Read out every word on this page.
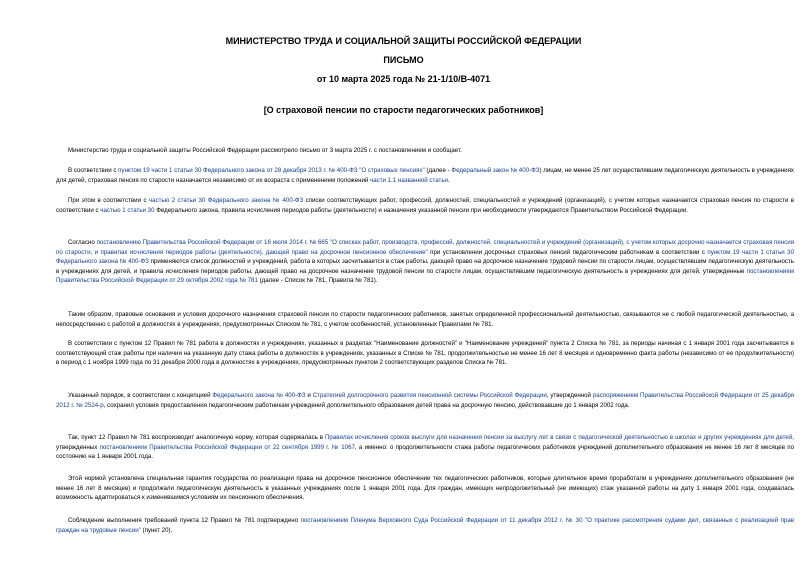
МИНИСТЕРСТВО ТРУДА И СОЦИАЛЬНОЙ ЗАЩИТЫ РОССИЙСКОЙ ФЕДЕРАЦИИ
ПИСЬМО
от 10 марта 2025 года № 21-1/10/В-4071
[О страховой пенсии по старости педагогических работников]

Министерство труда и социальной защиты Российской Федерации рассмотрело письмо от 3 марта 2025 г. с постановлением и сообщает.

В соответствии с пунктом 19 части 1 статьи 30 Федерального закона от 28 декабря 2013 г. № 400-ФЗ "О страховых пенсиях" (далее - Федеральный закон № 400-ФЗ) лицам, не менее 25 лет осуществлявшим педагогическую деятельность в учреждениях для детей, страховая пенсия по старости назначается независимо от их возраста с применением положений части 1.1 названной статьи.

При этом в соответствии с частью 2 статьи 30 Федерального закона № 400-ФЗ списки соответствующих работ, профессий, должностей, специальностей и учреждений (организаций), с учетом которых назначается страховая пенсия по старости в соответствии с частью 1 статьи 30 Федерального закона, правила исчисления периодов работы (деятельности) и назначения указанной пенсии при необходимости утверждаются Правительством Российской Федерации.

Согласно постановлению Правительства Российской Федерации от 16 июля 2014 г. № 665 "О списках работ, производств, профессий, должностей, специальностей и учреждений (организаций), с учетом которых досрочно назначается страховая пенсия по старости, и правилах исчисления периодов работы (деятельности), дающей право на досрочное пенсионное обеспечение" при установлении досрочных страховых пенсий педагогическим работникам в соответствии с пунктом 19 части 1 статьи 30 Федерального закона № 400-ФЗ применяются список должностей и учреждений, работа в которых засчитывается в стаж работы, дающей право на досрочное назначение трудовой пенсии по старости лицам, осуществлявшим педагогическую деятельность в учреждениях для детей, и правила исчисления периодов работы, дающей право на досрочное назначение трудовой пенсии по старости лицам, осуществлявшим педагогическую деятельность в учреждениях для детей, утвержденные постановлением Правительства Российской Федерации от 29 октября 2002 года № 781 (далее - Список № 781, Правила № 781).

Таким образом, правовые основания и условия досрочного назначения страховой пенсии по старости педагогических работников, занятых определенной профессиональной деятельностью, связываются не с любой педагогической деятельностью, а непосредственно с работой в должностях в учреждениях, предусмотренных Списком № 781, с учетом особенностей, установленных Правилами № 781.

В соответствии с пунктом 12 Правил № 781 работа в должностях и учреждениях, указанных в разделах "Наименование должностей" и "Наименование учреждений" пункта 2 Списка № 781, за периоды начиная с 1 января 2001 года засчитывается в соответствующий стаж работы при наличии на указанную дату стажа работы в должностях в учреждениях, указанных в Списке № 781, продолжительностью не менее 16 лет 8 месяцев и одновременно факта работы (независимо от ее продолжительности) в период с 1 ноября 1999 года по 31 декабря 2000 года в должностях в учреждениях, предусмотренных пунктом 2 соответствующих разделов Списка № 781.

Указанный порядок, в соответствии с концепцией Федерального закона № 400-ФЗ и Стратегией долгосрочного развития пенсионной системы Российской Федерации, утвержденной распоряжением Правительства Российской Федерации от 25 декабря 2012 г. № 2524-р, сохранил условия предоставления педагогическим работникам учреждений дополнительного образования детей права на досрочную пенсию, действовавшие до 1 января 2002 года.

Так, пункт 12 Правил № 781 воспроизводит аналогичную норму, которая содержалась в Правилах исчисления сроков выслуги для назначения пенсии за выслугу лет в связи с педагогической деятельностью в школах и других учреждениях для детей, утвержденных постановлением Правительства Российской Федерации от 22 сентября 1999 г. № 1067, а именно: о продолжительности стажа работы педагогических работников учреждений дополнительного образования не менее 16 лет 8 месяцев по состоянию на 1 января 2001 года.

Этой нормой установлена специальная гарантия государства по реализации права на досрочное пенсионное обеспечение тех педагогических работников, которые длительное время проработали в учреждениях дополнительного образования (не менее 16 лет 8 месяцев) и продолжали педагогическую деятельность в указанных учреждениях после 1 января 2001 года. Для граждан, имеющих непродолжительный (не имеющих) стаж указанной работы на дату 1 января 2001 года, создавалась возможность адаптироваться к изменившимся условиям их пенсионного обеспечения.

Соблюдение выполнения требований пункта 12 Правил № 781 подтверждено постановлением Пленума Верховного Суда Российской Федерации от 11 декабря 2012 г. № 30 "О практике рассмотрения судами дел, связанных с реализацией прав граждан на трудовые пенсии" (пункт 20).
